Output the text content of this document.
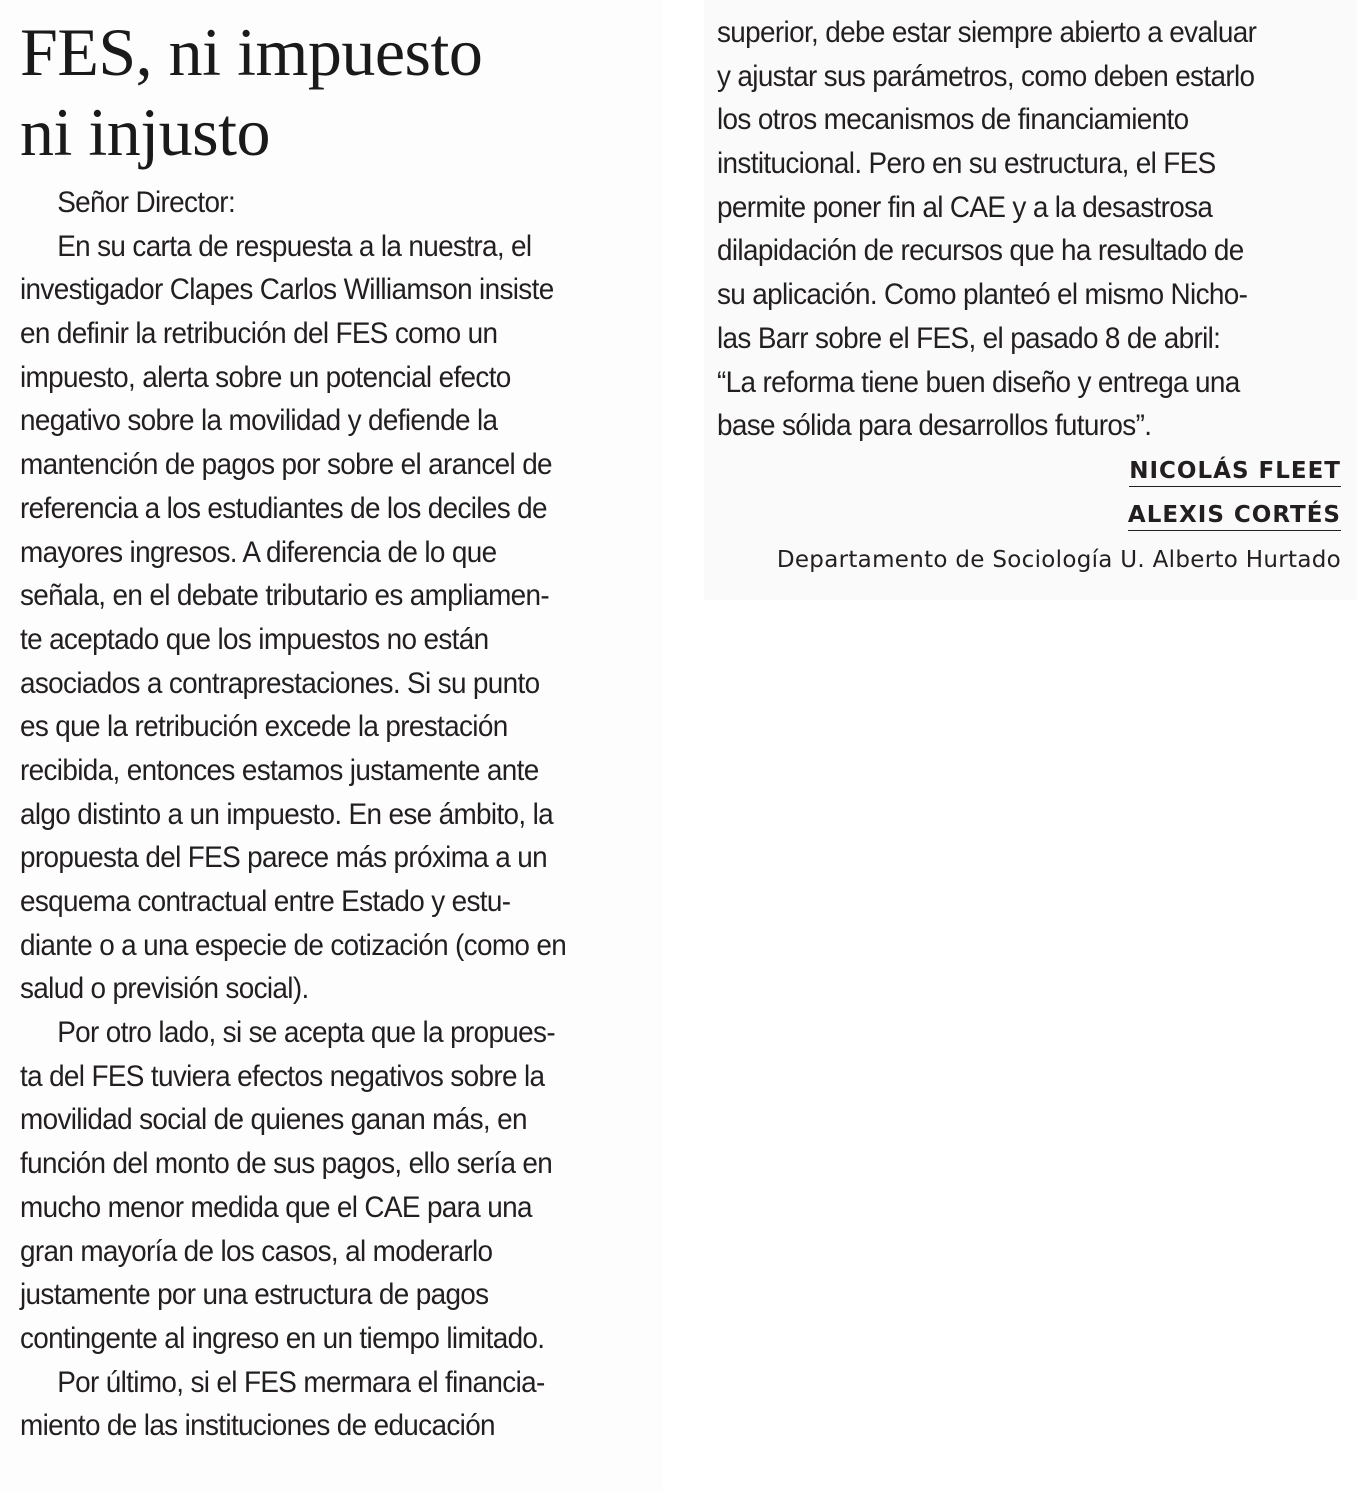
FES, ni impuesto
ni injusto
Señor Director:
En su carta de respuesta a la nuestra, el
investigador Clapes Carlos Williamson insiste
en definir la retribución del FES como un
impuesto, alerta sobre un potencial efecto
negativo sobre la movilidad y defiende la
mantención de pagos por sobre el arancel de
referencia a los estudiantes de los deciles de
mayores ingresos. A diferencia de lo que
señala, en el debate tributario es ampliamen-
te aceptado que los impuestos no están
asociados a contraprestaciones. Si su punto
es que la retribución excede la prestación
recibida, entonces estamos justamente ante
algo distinto a un impuesto. En ese ámbito, la
propuesta del FES parece más próxima a un
esquema contractual entre Estado y estu-
diante o a una especie de cotización (como en
salud o previsión social).
Por otro lado, si se acepta que la propues-
ta del FES tuviera efectos negativos sobre la
movilidad social de quienes ganan más, en
función del monto de sus pagos, ello sería en
mucho menor medida que el CAE para una
gran mayoría de los casos, al moderarlo
justamente por una estructura de pagos
contingente al ingreso en un tiempo limitado.
Por último, si el FES mermara el financia-
miento de las instituciones de educación
superior, debe estar siempre abierto a evaluar
y ajustar sus parámetros, como deben estarlo
los otros mecanismos de financiamiento
institucional. Pero en su estructura, el FES
permite poner fin al CAE y a la desastrosa
dilapidación de recursos que ha resultado de
su aplicación. Como planteó el mismo Nicho-
las Barr sobre el FES, el pasado 8 de abril:
“La reforma tiene buen diseño y entrega una
base sólida para desarrollos futuros”.
NICOLÁS FLEET
ALEXIS CORTÉS
Departamento de Sociología U. Alberto Hurtado
